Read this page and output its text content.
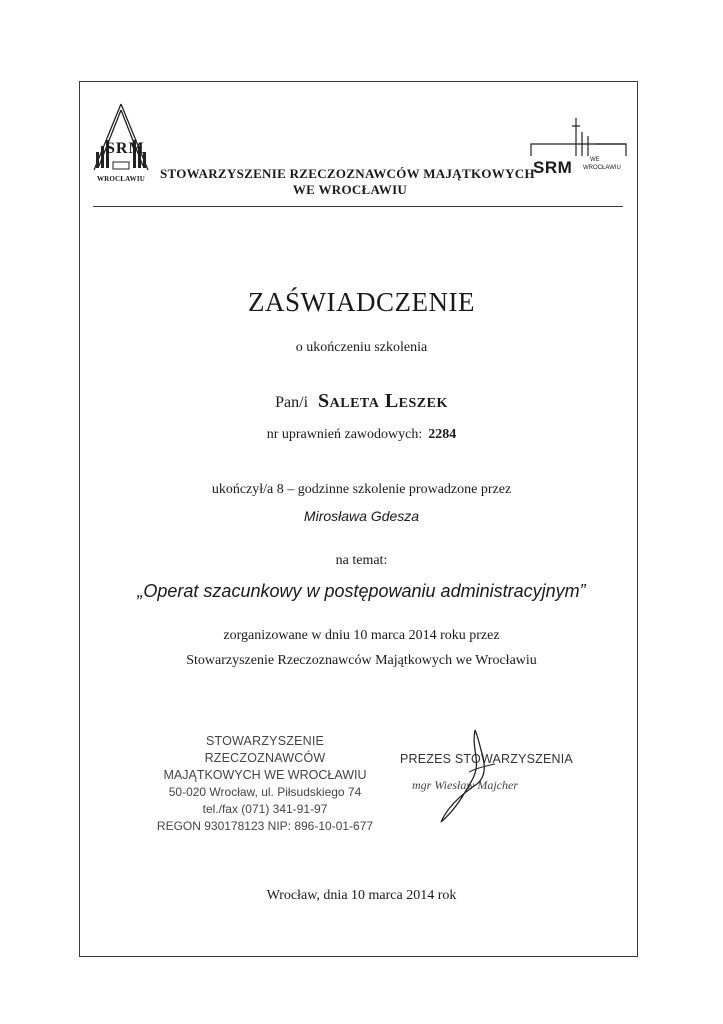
SRM
WROCŁAWIU	STOWARZYSZENIE RZECZOZNAWCÓW MAJĄTKOWYCH
WE WROCŁAWIU
SRM	WE
WROCŁAWIU
ZAŚWIADCZENIE
o ukończeniu szkolenia
Pan/i Saleta Leszek
nr uprawnień zawodowych: 2284
ukończył/a 8 – godzinne szkolenie prowadzone przez
Mirosława Gdesza
na temat:
„Operat szacunkowy w postępowaniu administracyjnym”
zorganizowane w dniu 10 marca 2014 roku przez
Stowarzyszenie Rzeczoznawców Majątkowych we Wrocławiu
STOWARZYSZENIE RZECZOZNAWCÓW
MAJĄTKOWYCH WE WROCŁAWIU
50-020 Wrocław, ul. Piłsudskiego 74
tel./fax (071) 341-91-97
REGON 930178123 NIP: 896-10-01-677
PREZES STOWARZYSZENIA
mgr Wiesław Majcher
Wrocław, dnia 10 marca 2014 rok
